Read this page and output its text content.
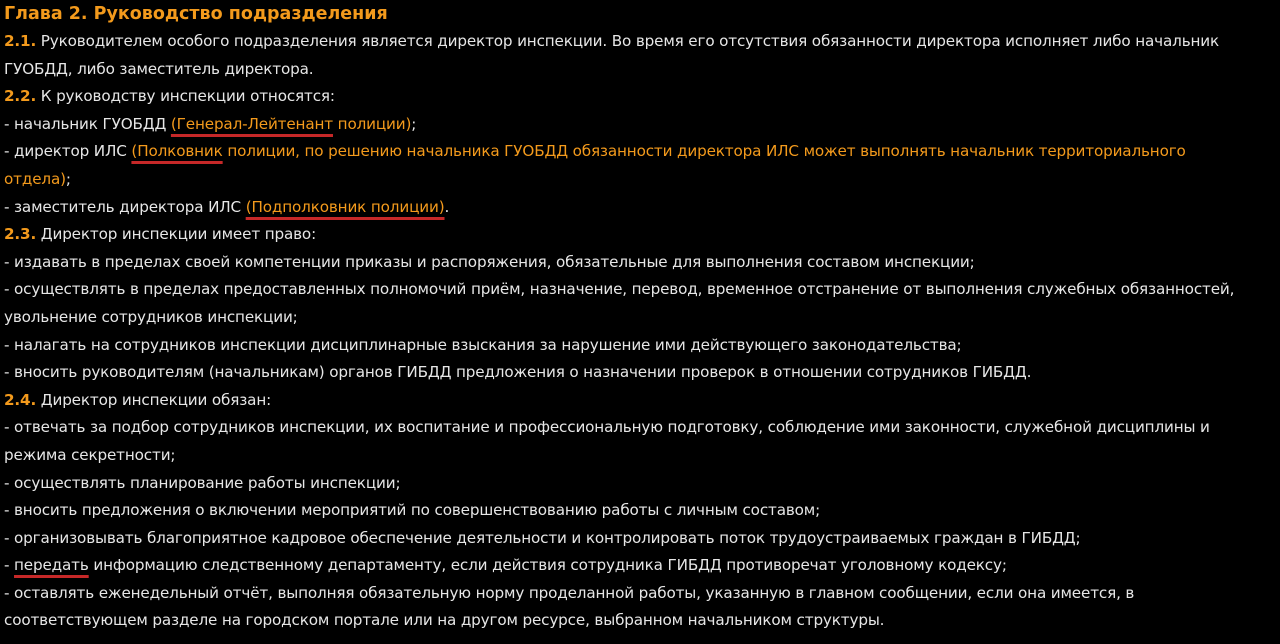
Глава 2. Руководство подразделения
2.1. Руководителем особого подразделения является директор инспекции. Во время его отсутствия обязанности директора исполняет либо начальник
ГУОБДД, либо заместитель директора.
2.2. К руководству инспекции относятся:
- начальник ГУОБДД (Генерал-Лейтенант полиции);
- директор ИЛС (Полковник полиции, по решению начальника ГУОБДД обязанности директора ИЛС может выполнять начальник территориального
отдела);
- заместитель директора ИЛС (Подполковник полиции).
2.3. Директор инспекции имеет право:
- издавать в пределах своей компетенции приказы и распоряжения, обязательные для выполнения составом инспекции;
- осуществлять в пределах предоставленных полномочий приём, назначение, перевод, временное отстранение от выполнения служебных обязанностей,
увольнение сотрудников инспекции;
- налагать на сотрудников инспекции дисциплинарные взыскания за нарушение ими действующего законодательства;
- вносить руководителям (начальникам) органов ГИБДД предложения о назначении проверок в отношении сотрудников ГИБДД.
2.4. Директор инспекции обязан:
- отвечать за подбор сотрудников инспекции, их воспитание и профессиональную подготовку, соблюдение ими законности, служебной дисциплины и
режима секретности;
- осуществлять планирование работы инспекции;
- вносить предложения о включении мероприятий по совершенствованию работы с личным составом;
- организовывать благоприятное кадровое обеспечение деятельности и контролировать поток трудоустраиваемых граждан в ГИБДД;
- передать информацию следственному департаменту, если действия сотрудника ГИБДД противоречат уголовному кодексу;
- оставлять еженедельный отчёт, выполняя обязательную норму проделанной работы, указанную в главном сообщении, если она имеется, в
соответствующем разделе на городском портале или на другом ресурсе, выбранном начальником структуры.
